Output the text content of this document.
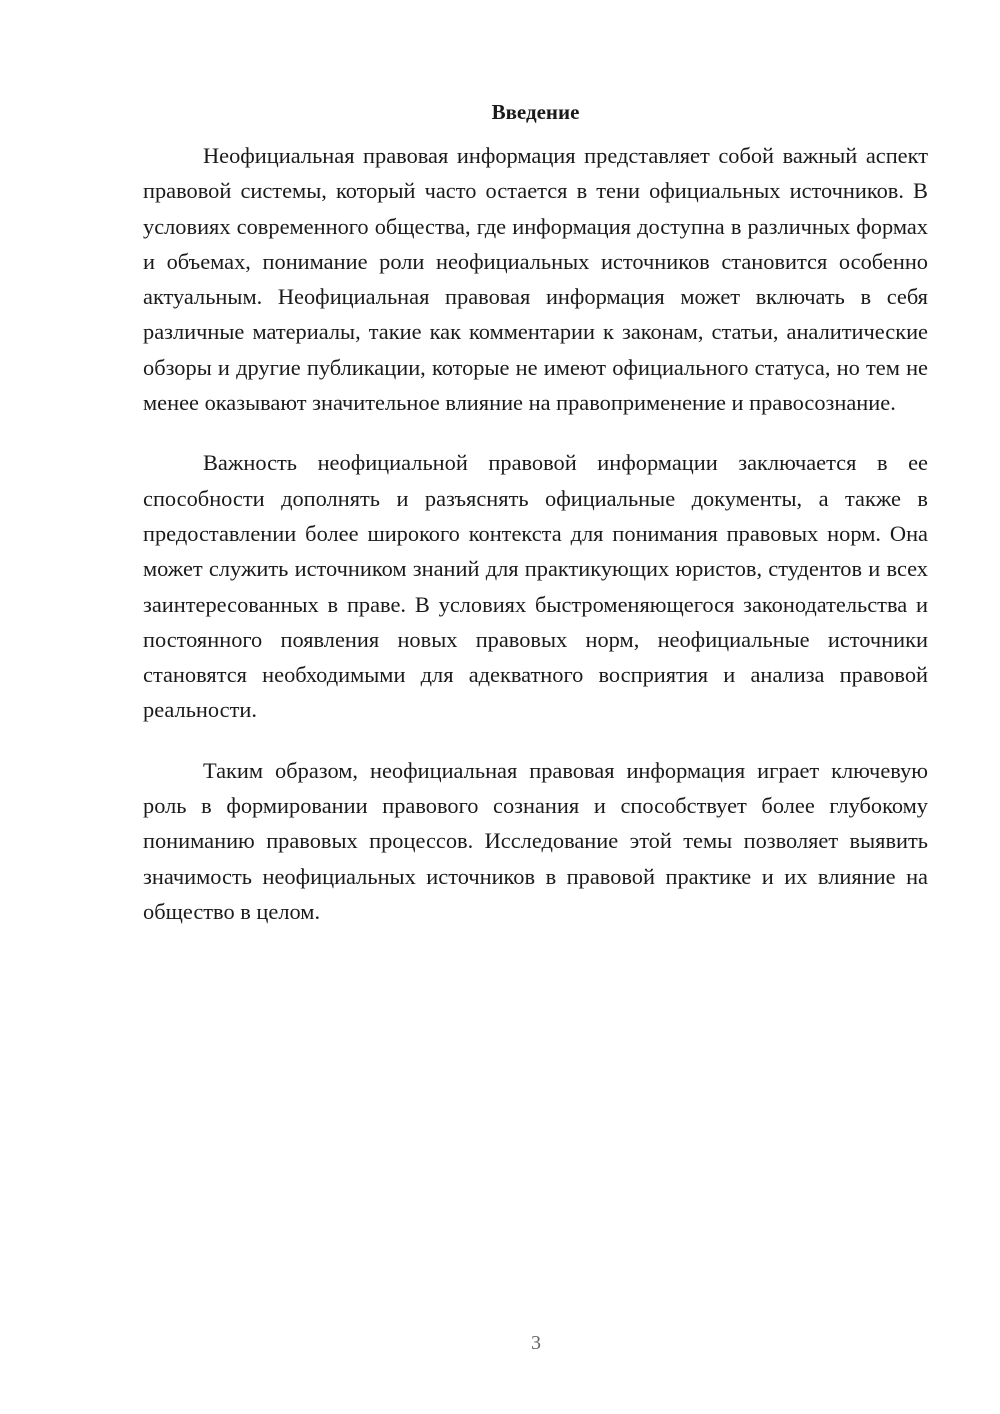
Введение

Неофициальная правовая информация представляет собой важный аспект правовой системы, который часто остается в тени официальных источников. В условиях современного общества, где информация доступна в различных формах и объемах, понимание роли неофициальных источников становится особенно актуальным. Неофициальная правовая информация может включать в себя различные материалы, такие как комментарии к законам, статьи, аналитические обзоры и другие публикации, которые не имеют официального статуса, но тем не менее оказывают значительное влияние на правоприменение и правосознание.

Важность неофициальной правовой информации заключается в ее способности дополнять и разъяснять официальные документы, а также в предоставлении более широкого контекста для понимания правовых норм. Она может служить источником знаний для практикующих юристов, студентов и всех заинтересованных в праве. В условиях быстроменяющегося законодательства и постоянного появления новых правовых норм, неофициальные источники становятся необходимыми для адекватного восприятия и анализа правовой реальности.

Таким образом, неофициальная правовая информация играет ключевую роль в формировании правового сознания и способствует более глубокому пониманию правовых процессов. Исследование этой темы позволяет выявить значимость неофициальных источников в правовой практике и их влияние на общество в целом.

3
